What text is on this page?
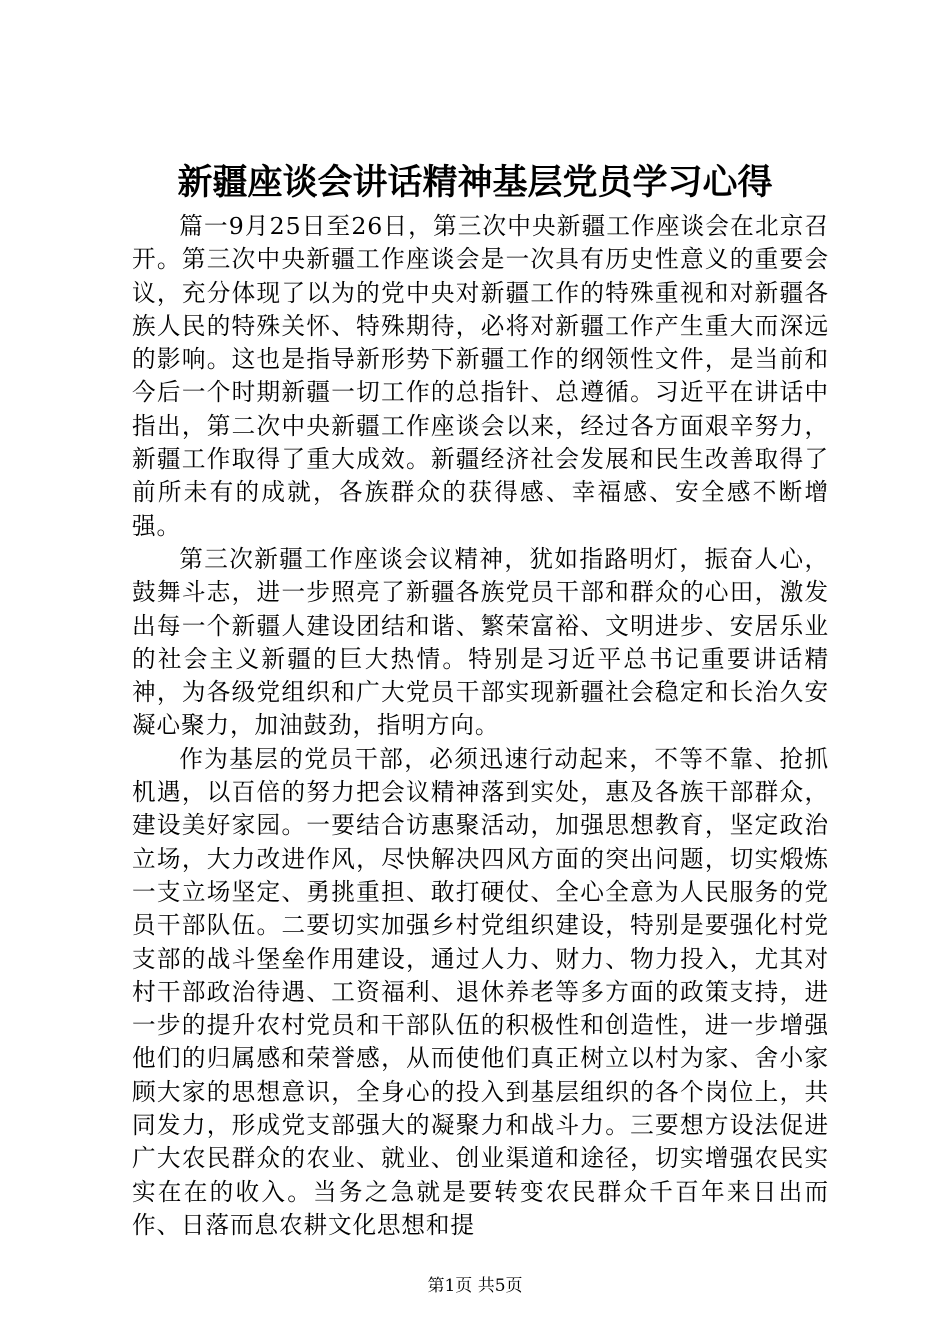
新疆座谈会讲话精神基层党员学习心得

篇一9月25日至26日，第三次中央新疆工作座谈会在北京召开。第三次中央新疆工作座谈会是一次具有历史性意义的重要会议，充分体现了以为的党中央对新疆工作的特殊重视和对新疆各族人民的特殊关怀、特殊期待，必将对新疆工作产生重大而深远的影响。这也是指导新形势下新疆工作的纲领性文件，是当前和今后一个时期新疆一切工作的总指针、总遵循。习近平在讲话中指出，第二次中央新疆工作座谈会以来，经过各方面艰辛努力，新疆工作取得了重大成效。新疆经济社会发展和民生改善取得了前所未有的成就，各族群众的获得感、幸福感、安全感不断增强。

第三次新疆工作座谈会议精神，犹如指路明灯，振奋人心，鼓舞斗志，进一步照亮了新疆各族党员干部和群众的心田，激发出每一个新疆人建设团结和谐、繁荣富裕、文明进步、安居乐业的社会主义新疆的巨大热情。特别是习近平总书记重要讲话精神，为各级党组织和广大党员干部实现新疆社会稳定和长治久安凝心聚力，加油鼓劲，指明方向。

作为基层的党员干部，必须迅速行动起来，不等不靠、抢抓机遇，以百倍的努力把会议精神落到实处，惠及各族干部群众，建设美好家园。一要结合访惠聚活动，加强思想教育，坚定政治立场，大力改进作风，尽快解决四风方面的突出问题，切实煅炼一支立场坚定、勇挑重担、敢打硬仗、全心全意为人民服务的党员干部队伍。二要切实加强乡村党组织建设，特别是要强化村党支部的战斗堡垒作用建设，通过人力、财力、物力投入，尤其对村干部政治待遇、工资福利、退休养老等多方面的政策支持，进一步的提升农村党员和干部队伍的积极性和创造性，进一步增强他们的归属感和荣誉感，从而使他们真正树立以村为家、舍小家顾大家的思想意识，全身心的投入到基层组织的各个岗位上，共同发力，形成党支部强大的凝聚力和战斗力。三要想方设法促进广大农民群众的农业、就业、创业渠道和途径，切实增强农民实实在在的收入。当务之急就是要转变农民群众千百年来日出而作、日落而息农耕文化思想和提

第1页 共5页
